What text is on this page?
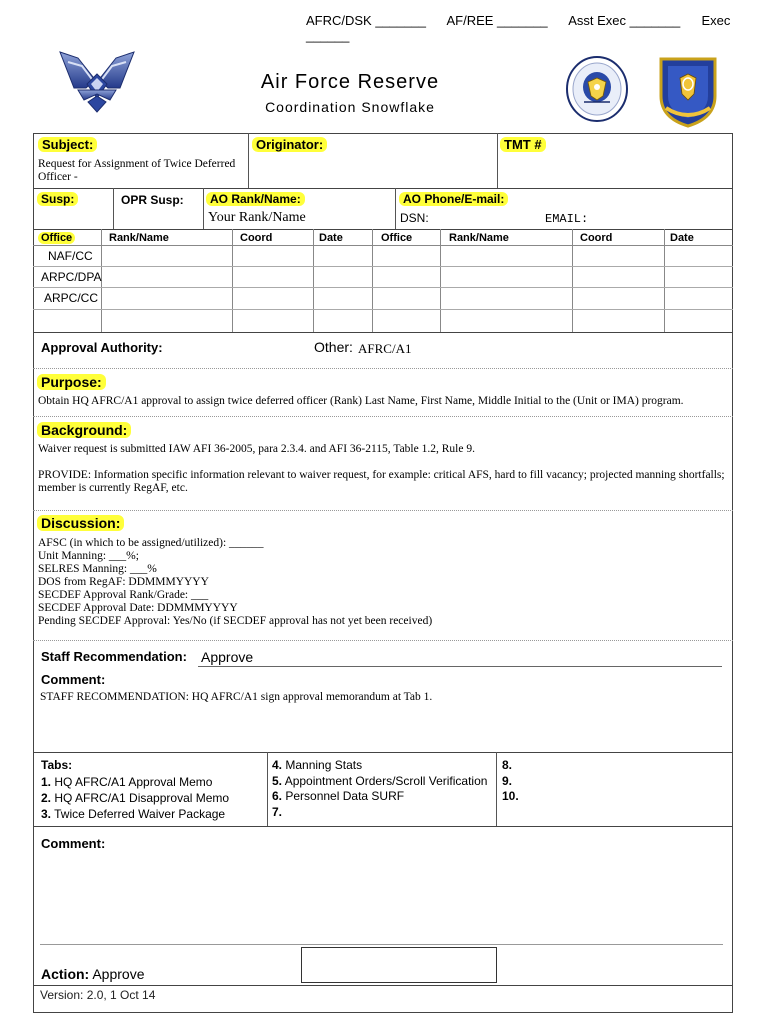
AFRC/DSK _______ AF/REE _______ Asst Exec _______ Exec ______
Air Force Reserve
Coordination Snowflake
Subject:
Request for Assignment of Twice Deferred Officer -
Originator:	TMT #
Susp:	OPR Susp:	AO Rank/Name:
Your Rank/Name
AO Phone/E-mail:
DSN:	EMAIL:
Office	Rank/Name	Coord	Date	Office	Rank/Name	Coord	Date
NAF/CC
ARPC/DPA
ARPC/CC
Approval Authority:	Other: AFRC/A1
Purpose:
Obtain HQ AFRC/A1 approval to assign twice deferred officer (Rank) Last Name, First Name, Middle Initial to the (Unit or IMA) program.
Background:
Waiver request is submitted IAW AFI 36-2005, para 2.3.4. and AFI 36-2115, Table 1.2, Rule 9.
PROVIDE: Information specific information relevant to waiver request, for example: critical AFS, hard to fill vacancy; projected manning shortfalls; member is currently RegAF, etc.
Discussion:
AFSC (in which to be assigned/utilized): ______
Unit Manning: ___%;
SELRES Manning: ___%
DOS from RegAF: DDMMMYYYY
SECDEF Approval Rank/Grade: ___
SECDEF Approval Date: DDMMMYYYY
Pending SECDEF Approval: Yes/No (if SECDEF approval has not yet been received)
Staff Recommendation: Approve
Comment:
STAFF RECOMMENDATION: HQ AFRC/A1 sign approval memorandum at Tab 1.
Tabs:
1. HQ AFRC/A1 Approval Memo
2. HQ AFRC/A1 Disapproval Memo
3. Twice Deferred Waiver Package
4. Manning Stats
5. Appointment Orders/Scroll Verification
6. Personnel Data SURF
7.
8.
9.
10.
Comment:
Action: Approve
Version: 2.0, 1 Oct 14
